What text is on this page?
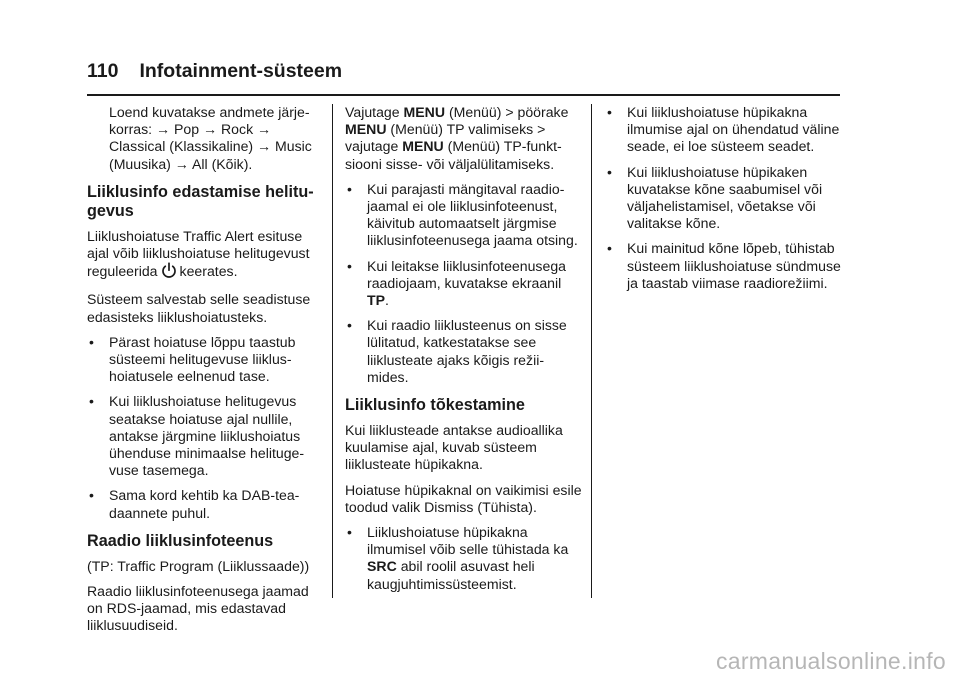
110 Infotainment-süsteem

Loend kuvatakse andmete järje-korras: → Pop → Rock → Classical (Klassikaline) → Music (Muusika) → All (Kõik).

Liiklusinfo edastamise helitu-gevus

Liiklushoiatuse Traffic Alert esituse ajal võib liiklushoiatuse helitugevust reguleerida keerates.

Süsteem salvestab selle seadistuse edasisteks liiklushoiatusteks.

• Pärast hoiatuse lõppu taastub süsteemi helitugevuse liiklus-hoiatusele eelnenud tase.
• Kui liiklushoiatuse helitugevus seatakse hoiatuse ajal nullile, antakse järgmine liiklushoiatus ühenduse minimaalse helituge-vuse tasemega.
• Sama kord kehtib ka DAB-tea-daannete puhul.
Raadio liiklusinfoteenus

(TP: Traffic Program (Liiklussaade))

Raadio liiklusinfoteenusega jaamad on RDS-jaamad, mis edastavad liiklusuudiseid.

Vajutage MENU (Menüü) > pöörake MENU (Menüü) TP valimiseks > vajutage MENU (Menüü) TP-funkt-siooni sisse- või väljalülitamiseks.

• Kui parajasti mängitaval raadio-jaamal ei ole liiklusinfoteenust, käivitub automaatselt järgmise liiklusinfoteenusega jaama otsing.
• Kui leitakse liiklusinfoteenusega raadiojaam, kuvatakse ekraanil TP.
• Kui raadio liiklusteenus on sisse lülitatud, katkestatakse see liiklusteate ajaks kõigis režii-mides.
Liiklusinfo tõkestamine

Kui liiklusteade antakse audioallika kuulamise ajal, kuvab süsteem liiklusteate hüpikakna.

Hoiatuse hüpikaknal on vaikimisi esile toodud valik Dismiss (Tühista).

• Liiklushoiatuse hüpikakna ilmumisel võib selle tühistada ka SRC abil roolil asuvast heli kaugjuhtimissüsteemist.
• Kui liiklushoiatuse hüpikakna ilmumise ajal on ühendatud väline seade, ei loe süsteem seadet.
• Kui liiklushoiatuse hüpikaken kuvatakse kõne saabumisel või väljahelistamisel, võetakse või valitakse kõne.
• Kui mainitud kõne lõpeb, tühistab süsteem liiklushoiatuse sündmuse ja taastab viimase raadiorežiimi.
carmanualsonline.info
